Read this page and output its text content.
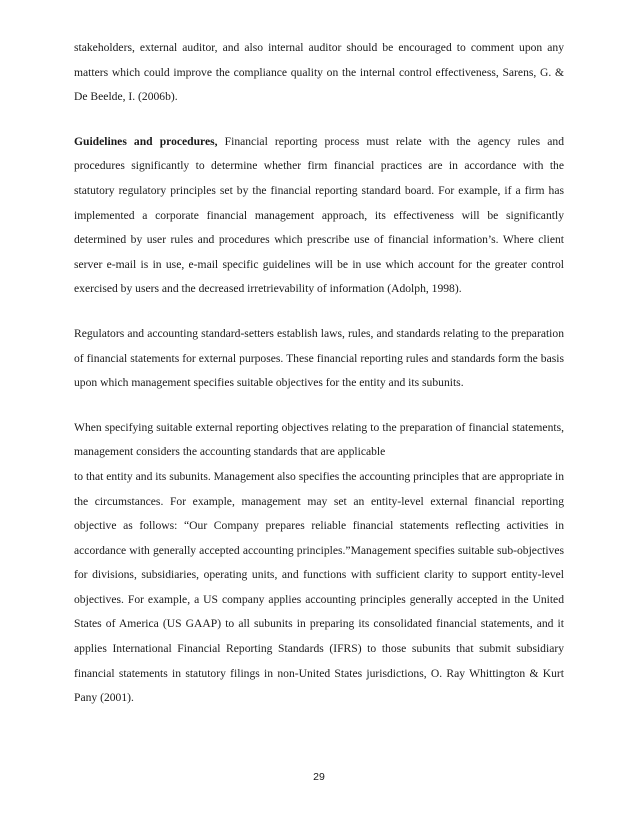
stakeholders, external auditor, and also internal auditor should be encouraged to comment upon any matters which could improve the compliance quality on the internal control effectiveness, Sarens, G. & De Beelde, I. (2006b).

Guidelines and procedures, Financial reporting process must relate with the agency rules and procedures significantly to determine whether firm financial practices are in accordance with the statutory regulatory principles set by the financial reporting standard board. For example, if a firm has implemented a corporate financial management approach, its effectiveness will be significantly determined by user rules and procedures which prescribe use of financial information’s. Where client server e-mail is in use, e-mail specific guidelines will be in use which account for the greater control exercised by users and the decreased irretrievability of information (Adolph, 1998).

Regulators and accounting standard-setters establish laws, rules, and standards relating to the preparation of financial statements for external purposes. These financial reporting rules and standards form the basis upon which management specifies suitable objectives for the entity and its subunits.

When specifying suitable external reporting objectives relating to the preparation of financial statements, management considers the accounting standards that are applicable
to that entity and its subunits. Management also specifies the accounting principles that are appropriate in the circumstances. For example, management may set an entity-level external financial reporting objective as follows: “Our Company prepares reliable financial statements reflecting activities in accordance with generally accepted accounting principles.”Management specifies suitable sub-objectives for divisions, subsidiaries, operating units, and functions with sufficient clarity to support entity-level objectives. For example, a US company applies accounting principles generally accepted in the United States of America (US GAAP) to all subunits in preparing its consolidated financial statements, and it applies International Financial Reporting Standards (IFRS) to those subunits that submit subsidiary financial statements in statutory filings in non-United States jurisdictions, O. Ray Whittington & Kurt Pany (2001).

29
